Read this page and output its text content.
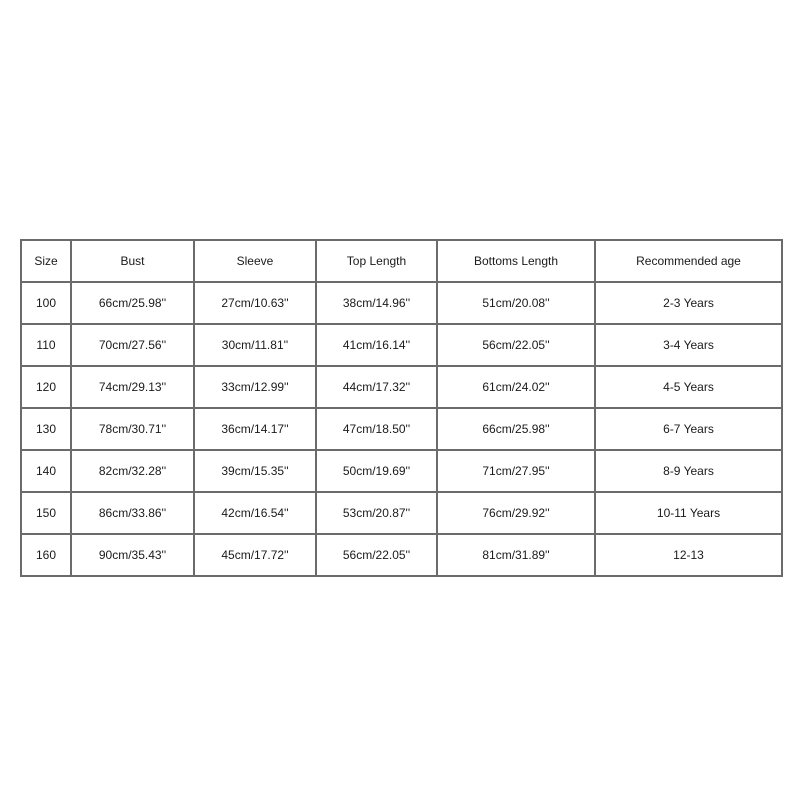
Size	Bust	Sleeve	Top Length	Bottoms Length	Recommended age
100	66cm/25.98''	27cm/10.63''	38cm/14.96''	51cm/20.08''	2-3 Years
110	70cm/27.56''	30cm/11.81''	41cm/16.14''	56cm/22.05''	3-4 Years
120	74cm/29.13''	33cm/12.99''	44cm/17.32''	61cm/24.02''	4-5 Years
130	78cm/30.71''	36cm/14.17''	47cm/18.50''	66cm/25.98''	6-7 Years
140	82cm/32.28''	39cm/15.35''	50cm/19.69''	71cm/27.95''	8-9 Years
150	86cm/33.86''	42cm/16.54''	53cm/20.87''	76cm/29.92''	10-11 Years
160	90cm/35.43''	45cm/17.72''	56cm/22.05''	81cm/31.89''	12-13
